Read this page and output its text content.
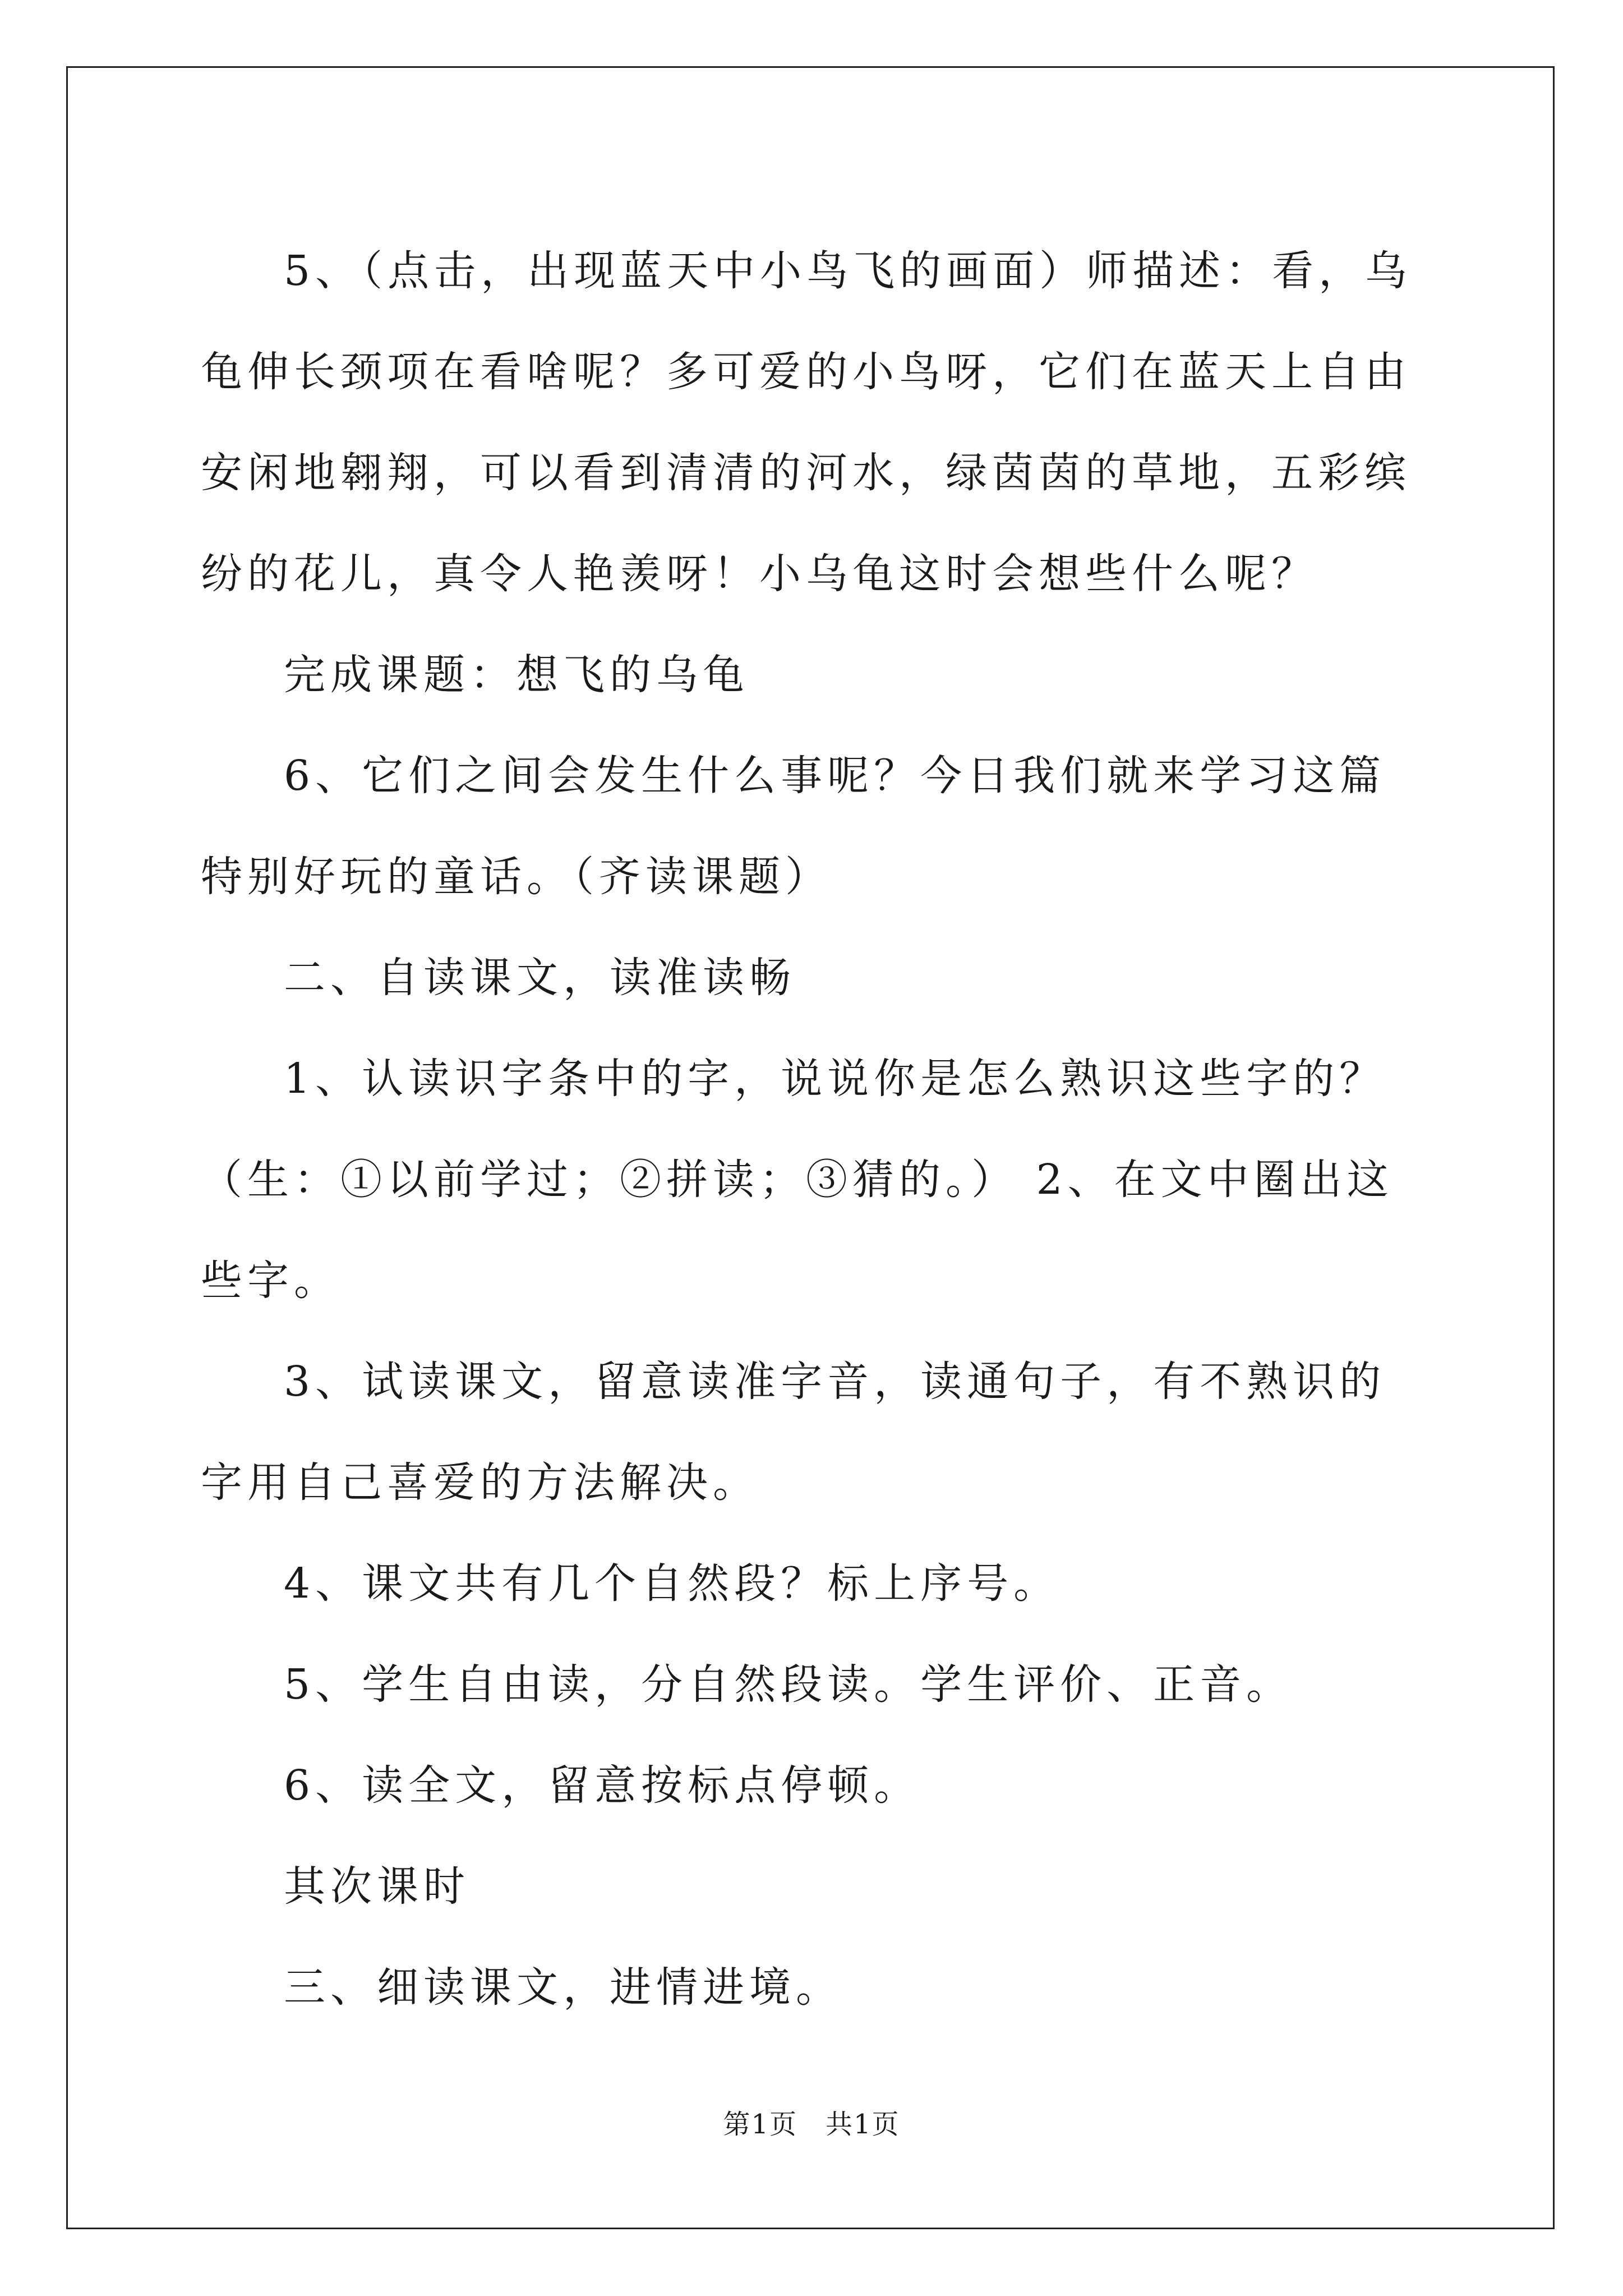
5、（点击，出现蓝天中小鸟飞的画面）师描述：看，乌龟伸长颈项在看啥呢？多可爱的小鸟呀，它们在蓝天上自由安闲地翱翔，可以看到清清的河水，绿茵茵的草地，五彩缤纷的花儿，真令人艳羡呀！小乌龟这时会想些什么呢？

完成课题：想飞的乌龟

6、它们之间会发生什么事呢？今日我们就来学习这篇特别好玩的童话。（齐读课题）

二、自读课文，读准读畅

1、认读识字条中的字，说说你是怎么熟识这些字的？（生：①以前学过；②拼读；③猜的。） 2、在文中圈出这些字。

3、试读课文，留意读准字音，读通句子，有不熟识的字用自己喜爱的方法解决。

4、课文共有几个自然段？标上序号。

5、学生自由读，分自然段读。学生评价、正音。

6、读全文，留意按标点停顿。

其次课时

三、细读课文，进情进境。

第1页　共1页
